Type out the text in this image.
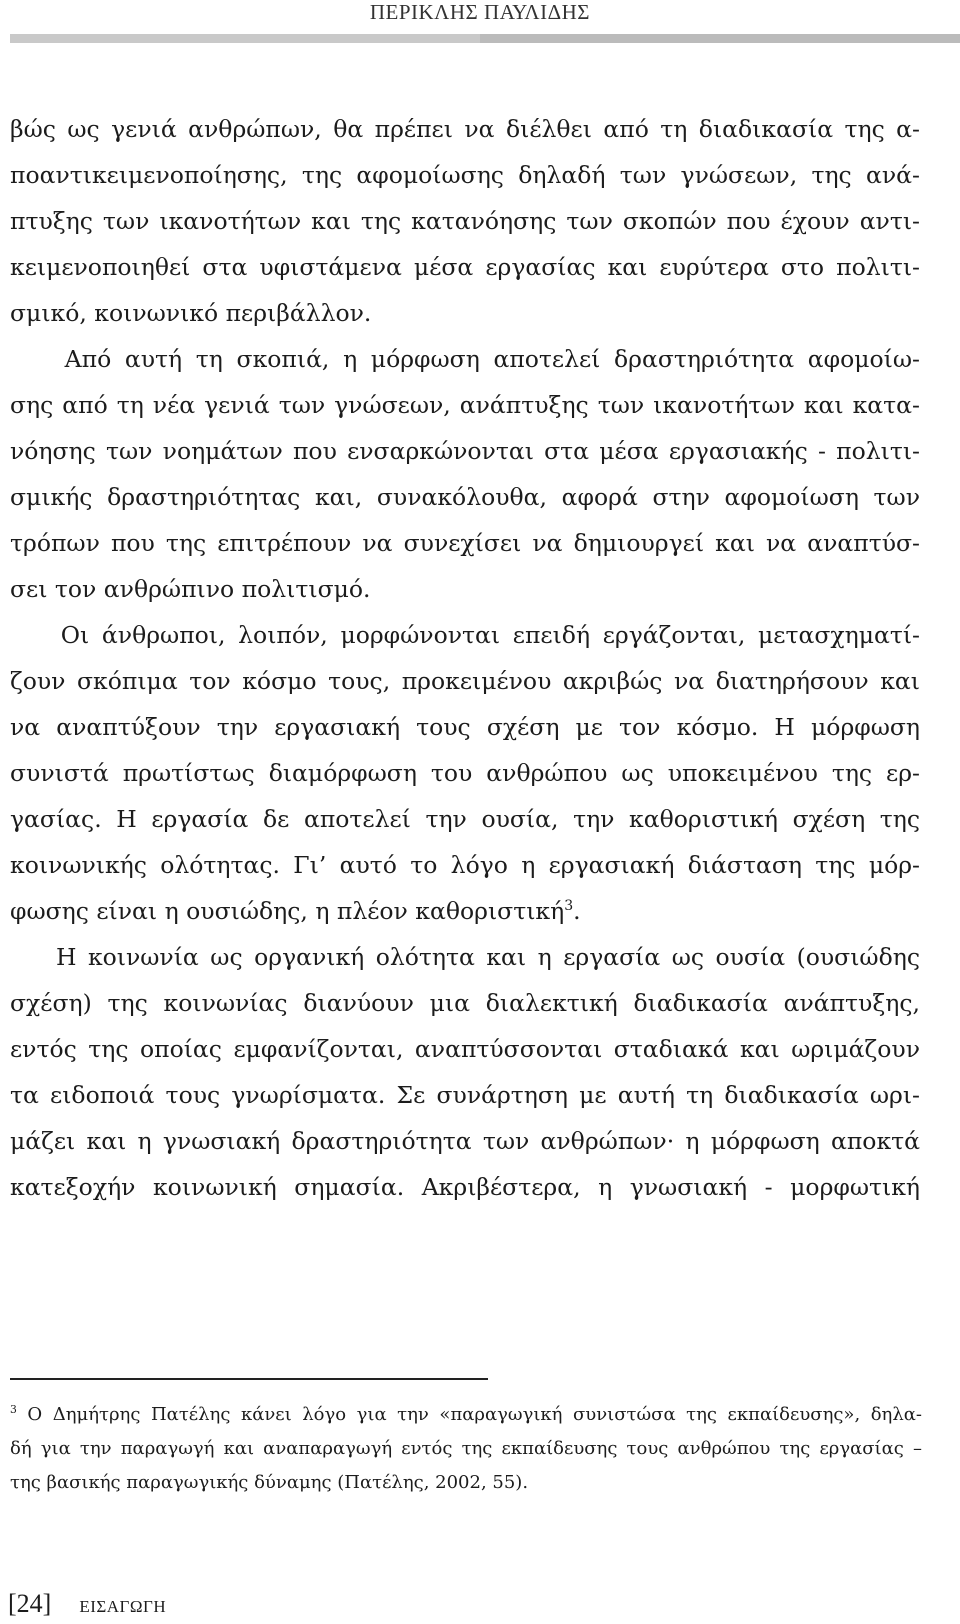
ΠΕΡΙΚΛΗΣ ΠΑΥΛΙΔΗΣ
βώς ως γενιά ανθρώπων, θα πρέπει να διέλθει από τη διαδικασία της α-
ποαντικειμενοποίησης, της αφομοίωσης δηλαδή των γνώσεων, της ανά-
πτυξης των ικανοτήτων και της κατανόησης των σκοπών που έχουν αντι-
κειμενοποιηθεί στα υφιστάμενα μέσα εργασίας και ευρύτερα στο πολιτι-
σμικό, κοινωνικό περιβάλλον.
Από αυτή τη σκοπιά, η μόρφωση αποτελεί δραστηριότητα αφομοίω-
σης από τη νέα γενιά των γνώσεων, ανάπτυξης των ικανοτήτων και κατα-
νόησης των νοημάτων που ενσαρκώνονται στα μέσα εργασιακής - πολιτι-
σμικής δραστηριότητας και, συνακόλουθα, αφορά στην αφομοίωση των
τρόπων που της επιτρέπουν να συνεχίσει να δημιουργεί και να αναπτύσ-
σει τον ανθρώπινο πολιτισμό.
Οι άνθρωποι, λοιπόν, μορφώνονται επειδή εργάζονται, μετασχηματί-
ζουν σκόπιμα τον κόσμο τους, προκειμένου ακριβώς να διατηρήσουν και
να αναπτύξουν την εργασιακή τους σχέση με τον κόσμο. Η μόρφωση
συνιστά πρωτίστως διαμόρφωση του ανθρώπου ως υποκειμένου της ερ-
γασίας. Η εργασία δε αποτελεί την ουσία, την καθοριστική σχέση της
κοινωνικής ολότητας. Γι’ αυτό το λόγο η εργασιακή διάσταση της μόρ-
φωσης είναι η ουσιώδης, η πλέον καθοριστική$^3$.
Η κοινωνία ως οργανική ολότητα και η εργασία ως ουσία (ουσιώδης
σχέση) της κοινωνίας διανύουν μια διαλεκτική διαδικασία ανάπτυξης,
εντός της οποίας εμφανίζονται, αναπτύσσονται σταδιακά και ωριμάζουν
τα ειδοποιά τους γνωρίσματα. Σε συνάρτηση με αυτή τη διαδικασία ωρι-
μάζει και η γνωσιακή δραστηριότητα των ανθρώπων· η μόρφωση αποκτά
κατεξοχήν κοινωνική σημασία. Ακριβέστερα, η γνωσιακή - μορφωτική
$^3$ Ο Δημήτρης Πατέλης κάνει λόγο για την «παραγωγική συνιστώσα της εκπαίδευσης», δηλα-
δή για την παραγωγή και αναπαραγωγή εντός της εκπαίδευσης τους ανθρώπου της εργασίας –
της βασικής παραγωγικής δύναμης (Πατέλης, 2002, 55).
[24] ΕΙΣΑΓΩΓΗ
